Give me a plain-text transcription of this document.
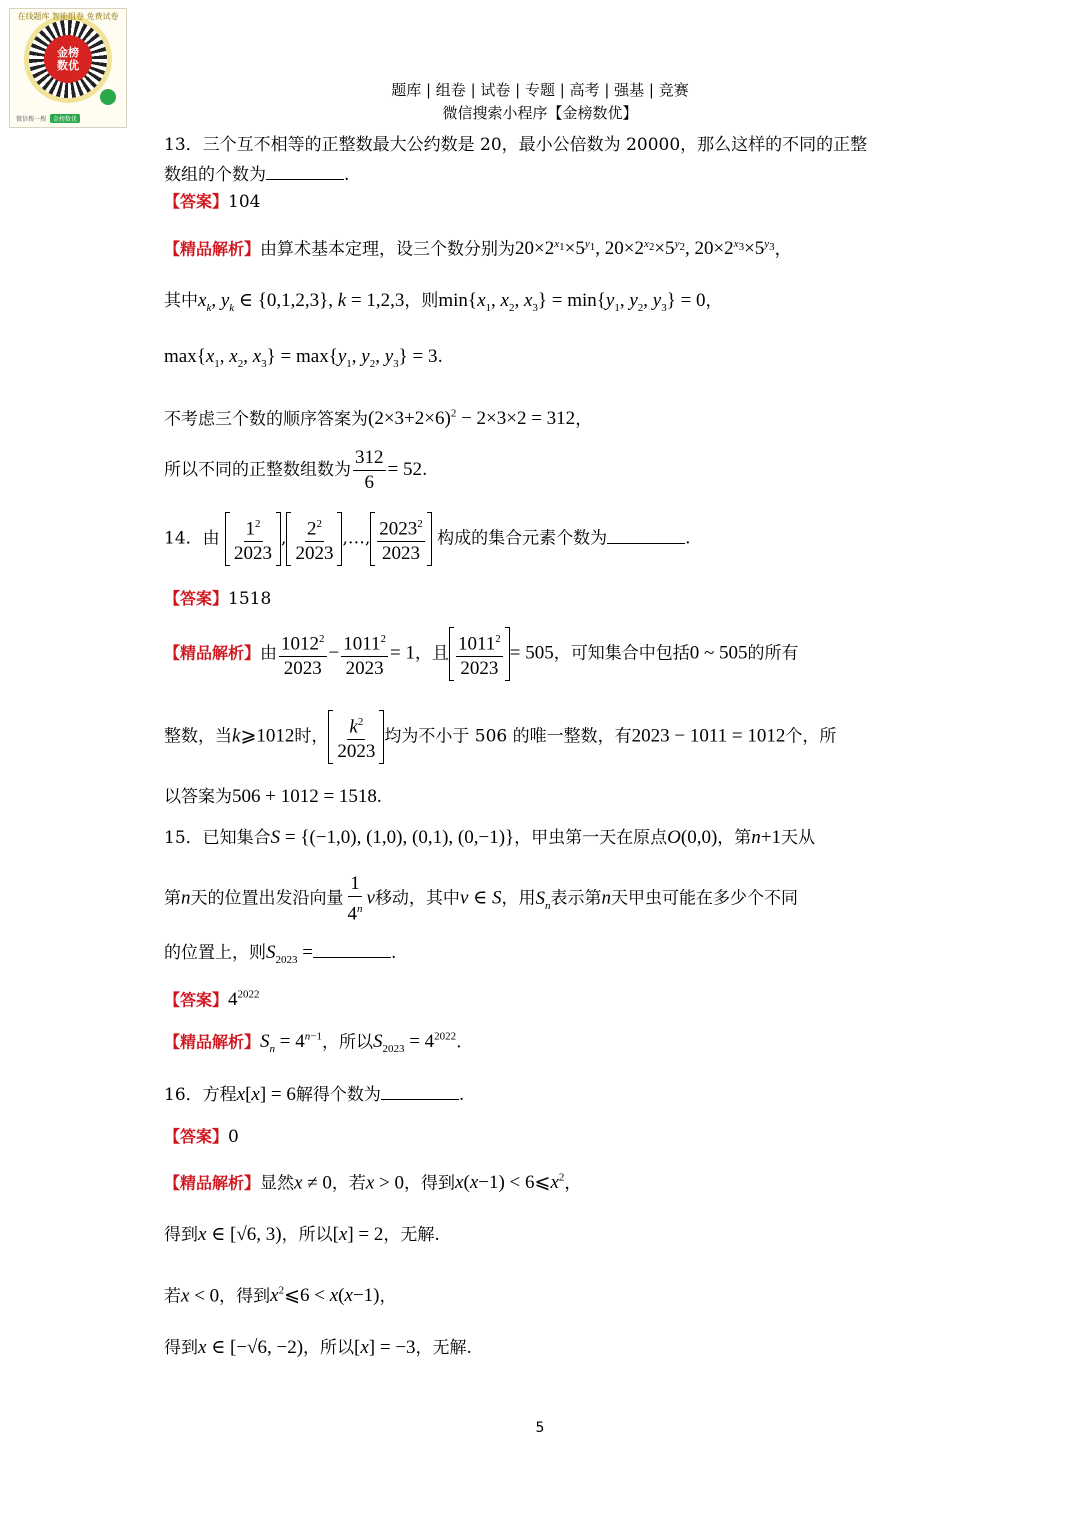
金榜
数优
在线题库 智能组卷 免费试卷
微信搜一搜	金榜数优
题库 | 组卷 | 试卷 | 专题 | 高考 | 强基 | 竞赛
微信搜索小程序【金榜数优】
13．三个互不相等的正整数最大公约数是 20，最小公倍数为 20000，那么这样的不同的正整
数组的个数为	.
【答案】104
【精品解析】由算术基本定理，设三个数分别为$20\times 2^{x_1}\times 5^{y_1}$, $20\times 2^{x_2}\times 5^{y_2}$, $20\times 2^{x_3}\times 5^{y_3}$，
其中$x_k$, $y_k$ ∈ {0,1,2,3}, k = 1,2,3，则$\min\{x_1$, $x_2$, $x_3\} = \min\{y_1$, $y_2$, $y_3\} = 0$，
$\max\{x_1$, $x_2$, $x_3\} = \max\{y_1$, $y_2$, $y_3\} = 3$.
不考虑三个数的顺序答案为$(2\times 3+2\times 6)^2 - 2\times 3\times 2 = 312$，
所以不同的正整数组数为 $\frac{312}{6} = 52$.
14．由 $\frac{1^2}{2023}$ , $\frac{2^2}{2023}$ ,…, $\frac{2023^2}{2023}$ 构成的集合元素个数为	.
【答案】1518
【精品解析】由 $\frac{1012^2}{2023} - \frac{1011^2}{2023} = 1$，且 $\frac{1011^2}{2023} = 505$，可知集合中包括0 ~ 505的所有
整数，当k⩾1012时， $\frac{k^2}{2023}$ 均为不小于 506 的唯一整数，有2023 − 1011 = 1012个，所
以答案为506 + 1012 = 1518.
15．已知集合S = {(−1,0), (1,0), (0,1), (0,−1)}，甲虫第一天在原点O(0,0)，第n+1天从
第n天的位置出发沿向量 $\frac{1}{4^n}$ v移动，其中v ∈ S，用$S_n$表示第n天甲虫可能在多少个不同
的位置上，则$S_{2023}$ =	.
【答案】$4^{2022}$
【精品解析】$S_n = 4^{n-1}$，所以$S_{2023} = 4^{2022}$.
16．方程x[x] = 6解得个数为	.
【答案】0
【精品解析】显然x ≠ 0，若x > 0，得到$x(x-1) < 6⩽x^2$，
得到x ∈ [√6, 3)，所以[x] = 2，无解.
若x < 0，得到$x^2⩽6 < x(x-1)$，
得到x ∈ [−√6, −2)，所以[x] = −3，无解.
5
